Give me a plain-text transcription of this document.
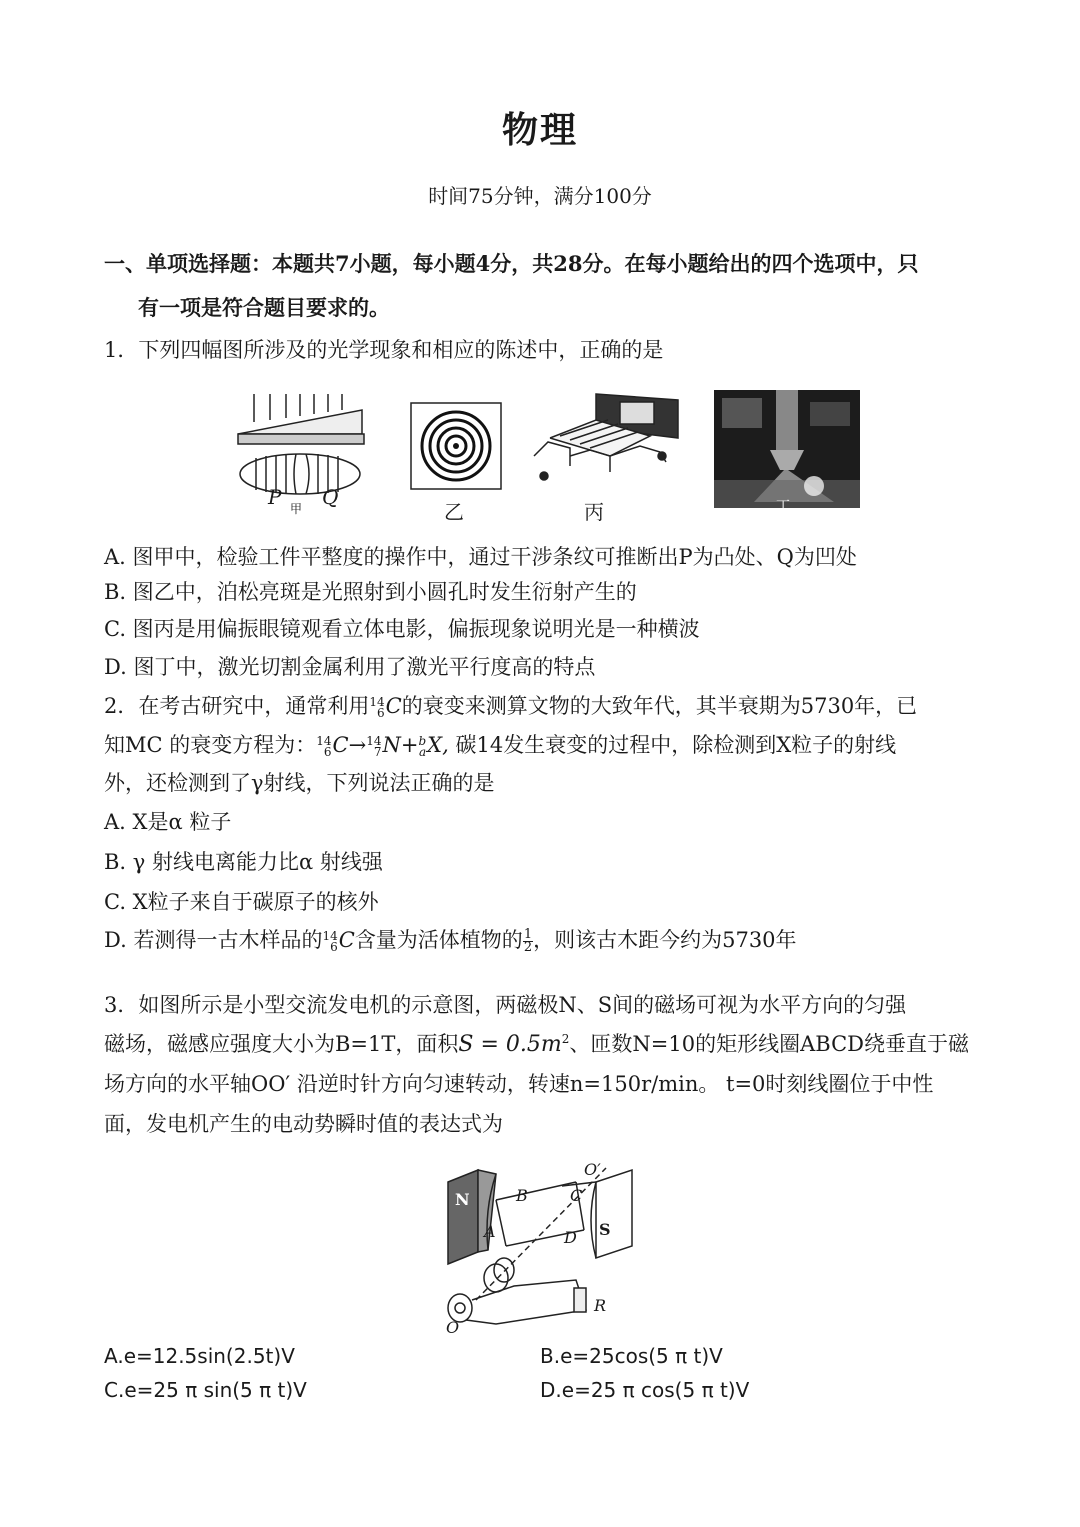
物理
时间75分钟，满分100分
一、单项选择题：本题共7小题，每小题4分，共28分。在每小题给出的四个选项中，只
有一项是符合题目要求的。
1．下列四幅图所涉及的光学现象和相应的陈述中，正确的是
P Q
甲	乙	丙	丁
A. 图甲中，检验工件平整度的操作中，通过干涉条纹可推断出P为凸处、Q为凹处
B. 图乙中，泊松亮斑是光照射到小圆孔时发生衍射产生的
C. 图丙是用偏振眼镜观看立体电影，偏振现象说明光是一种横波
D. 图丁中，激光切割金属利用了激光平行度高的特点
2．在考古研究中，通常利用 14
6 C的衰变来测算文物的大致年代，其半衰期为5730年，已
知MC 的衰变方程为： 14
6 C→ 14
7 N+ b
a X, 碳14发生衰变的过程中，除检测到X粒子的射线
外，还检测到了γ射线，下列说法正确的是
A. X是α 粒子
B. γ 射线电离能力比α 射线强
C. X粒子来自于碳原子的核外
D. 若测得一古木样品的 14
6 C含量为活体植物的 $\frac{1}{2}$ ，则该古木距今约为5730年
3．如图所示是小型交流发电机的示意图，两磁极N、S间的磁场可视为水平方向的匀强
磁场，磁感应强度大小为B=1T，面积$S = 0.5m^2$、匝数N=10的矩形线圈ABCD绕垂直于磁
场方向的水平轴OO′ 沿逆时针方向匀速转动，转速n=150r/min。 t=0时刻线圈位于中性
面，发电机产生的电动势瞬时值的表达式为
N
S
A
B	C
D
O′
O
R
A.e=12.5sin(2.5t)V	B.e=25cos(5 π t)V
C.e=25 π sin(5 π t)V	D.e=25 π cos(5 π t)V
